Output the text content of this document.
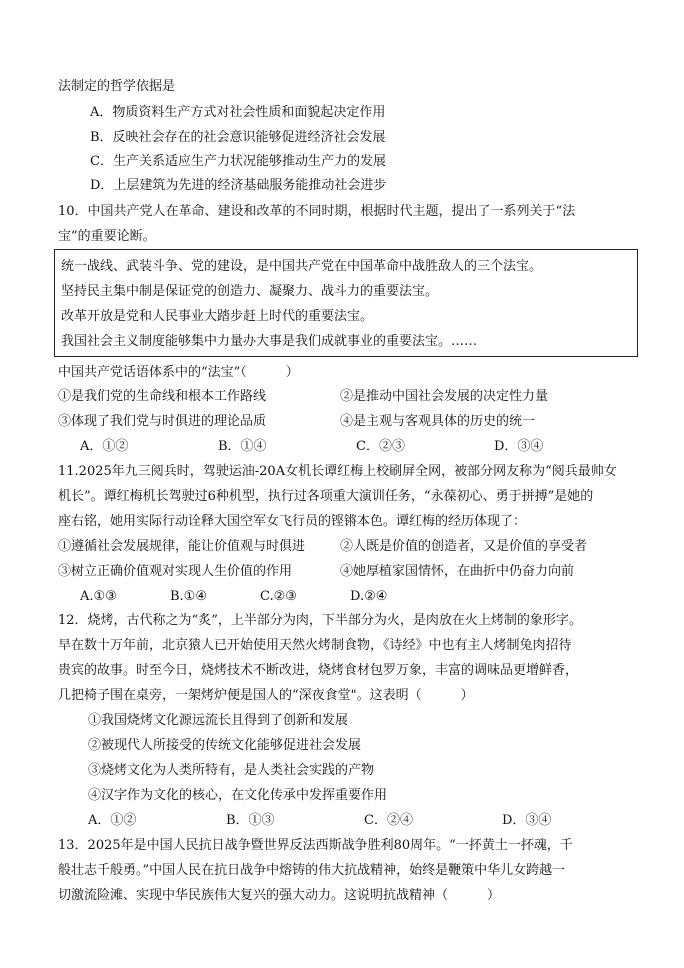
法制定的哲学依据是
A．物质资料生产方式对社会性质和面貌起决定作用
B．反映社会存在的社会意识能够促进经济社会发展
C．生产关系适应生产力状况能够推动生产力的发展
D．上层建筑为先进的经济基础服务能推动社会进步
10．中国共产党人在革命、建设和改革的不同时期，根据时代主题，提出了一系列关于“法
宝”的重要论断。
统一战线、武装斗争、党的建设，是中国共产党在中国革命中战胜敌人的三个法宝。
坚持民主集中制是保证党的创造力、凝聚力、战斗力的重要法宝。
改革开放是党和人民事业大踏步赶上时代的重要法宝。
我国社会主义制度能够集中力量办大事是我们成就事业的重要法宝。……
中国共产党话语体系中的“法宝”（　　　）
①是我们党的生命线和根本工作路线	②是推动中国社会发展的决定性力量
③体现了我们党与时俱进的理论品质	④是主观与客观具体的历史的统一
A．①②	B．①④	C．②③	D．③④
11.2025年九三阅兵时，驾驶运油-20A女机长谭红梅上校刷屏全网，被部分网友称为“阅兵最帅女
机长”。谭红梅机长驾驶过6种机型，执行过各项重大演训任务，“永葆初心、勇于拼搏”是她的
座右铭，她用实际行动诠释大国空军女飞行员的铿锵本色。谭红梅的经历体现了：
①遵循社会发展规律，能让价值观与时俱进	②人既是价值的创造者，又是价值的享受者
③树立正确价值观对实现人生价值的作用	④她厚植家国情怀，在曲折中仍奋力向前
A.①③	B.①④	C.②③	D.②④
12．烧烤，古代称之为“炙”，上半部分为肉，下半部分为火，是肉放在火上烤制的象形字。
早在数十万年前，北京猿人已开始使用天然火烤制食物，《诗经》中也有主人烤制兔肉招待
贵宾的故事。时至今日，烧烤技术不断改进，烧烤食材包罗万象，丰富的调味品更增鲜香，
几把椅子围在桌旁，一架烤炉便是国人的“深夜食堂"。这表明（　　　）
①我国烧烤文化源远流长且得到了创新和发展
②被现代人所接受的传统文化能够促进社会发展
③烧烤文化为人类所特有，是人类社会实践的产物
④汉字作为文化的核心，在文化传承中发挥重要作用
A．①②	B．①③	C．②④	D．③④
13．2025年是中国人民抗日战争暨世界反法西斯战争胜利80周年。“一抔黄土一抔魂，千
般壮志千般勇。”中国人民在抗日战争中熔铸的伟大抗战精神，始终是鞭策中华儿女跨越一
切激流险滩、实现中华民族伟大复兴的强大动力。这说明抗战精神（　　　）
